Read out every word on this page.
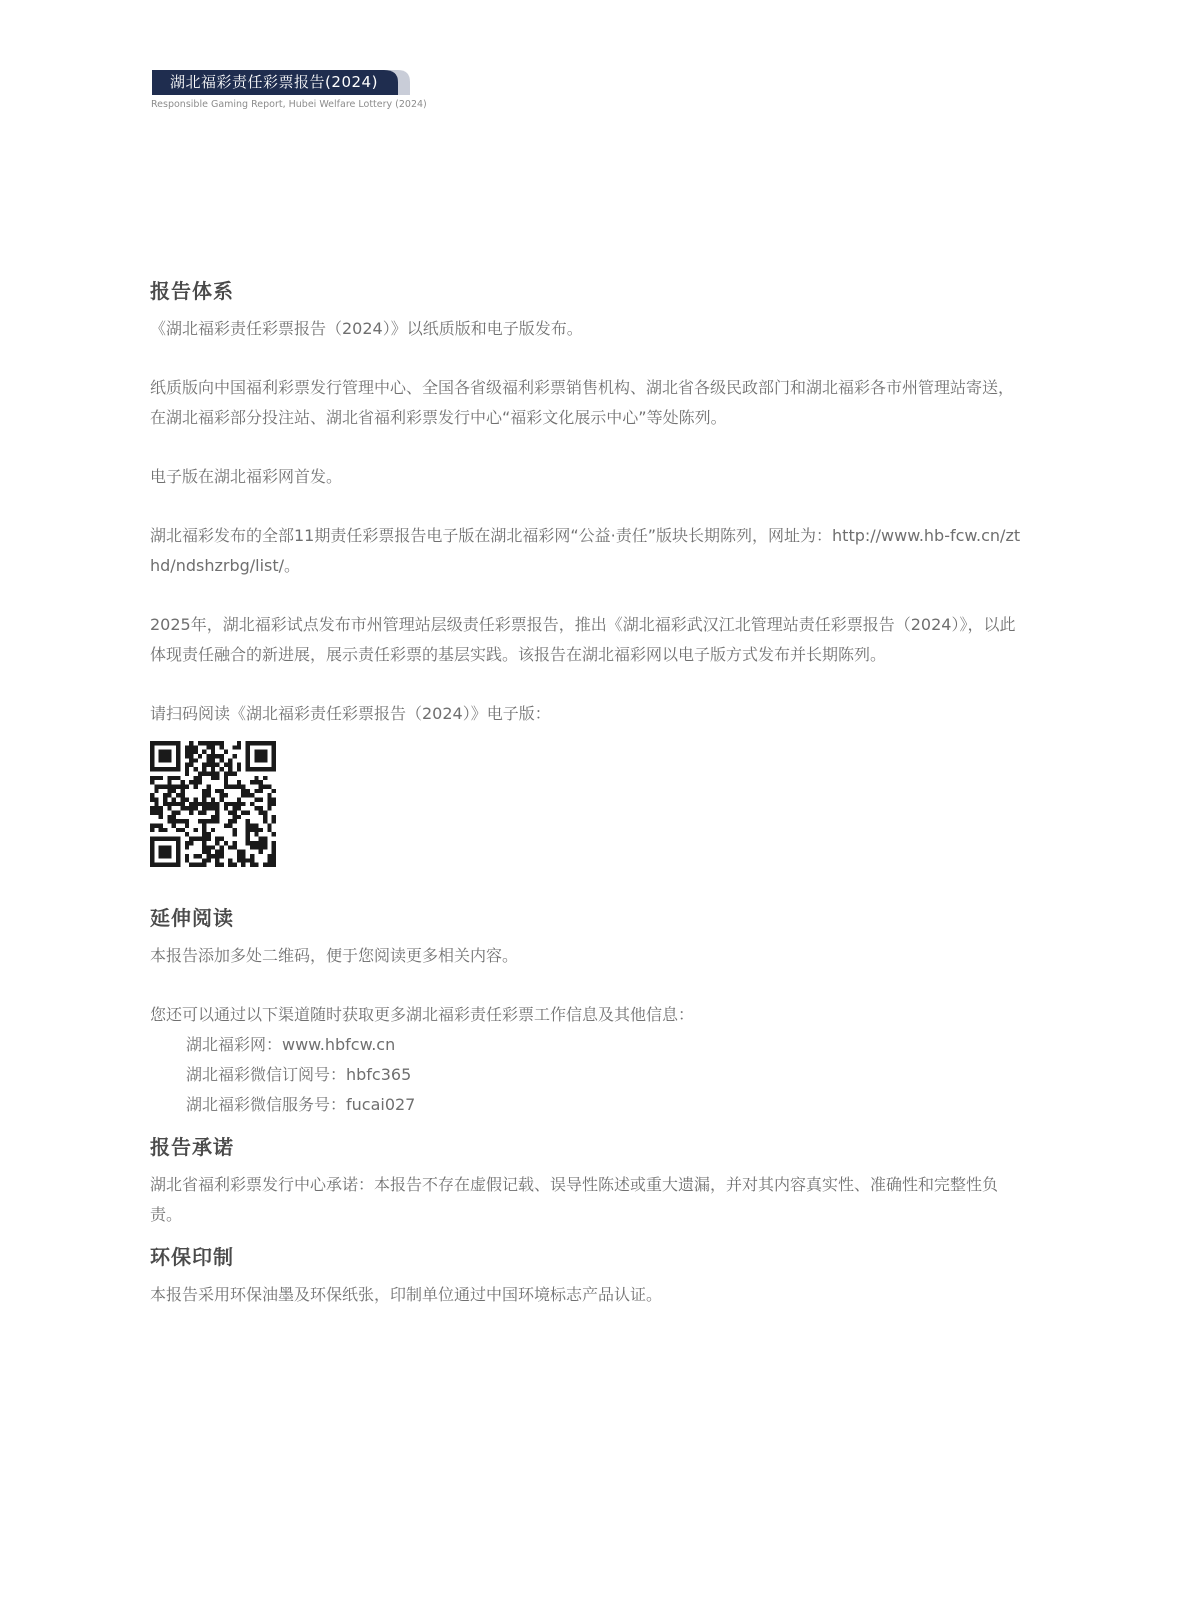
湖北福彩责任彩票报告(2024)
Responsible Gaming Report, Hubei Welfare Lottery (2024)
报告体系

《湖北福彩责任彩票报告（2024）》以纸质版和电子版发布。

纸质版向中国福利彩票发行管理中心、全国各省级福利彩票销售机构、湖北省各级民政部门和湖北福彩各市州管理站寄送，在湖北福彩部分投注站、湖北省福利彩票发行中心“福彩文化展示中心”等处陈列。

电子版在湖北福彩网首发。

湖北福彩发布的全部11期责任彩票报告电子版在湖北福彩网“公益·责任”版块长期陈列，网址为：http://www.hb-fcw.cn/zthd/ndshzrbg/list/。

2025年，湖北福彩试点发布市州管理站层级责任彩票报告，推出《湖北福彩武汉江北管理站责任彩票报告（2024）》，以此体现责任融合的新进展，展示责任彩票的基层实践。该报告在湖北福彩网以电子版方式发布并长期陈列。

请扫码阅读《湖北福彩责任彩票报告（2024）》电子版：

延伸阅读

本报告添加多处二维码，便于您阅读更多相关内容。

您还可以通过以下渠道随时获取更多湖北福彩责任彩票工作信息及其他信息：

湖北福彩网：www.hbfcw.cn

湖北福彩微信订阅号：hbfc365

湖北福彩微信服务号：fucai027

报告承诺

湖北省福利彩票发行中心承诺：本报告不存在虚假记载、误导性陈述或重大遗漏，并对其内容真实性、准确性和完整性负责。

环保印制

本报告采用环保油墨及环保纸张，印制单位通过中国环境标志产品认证。
